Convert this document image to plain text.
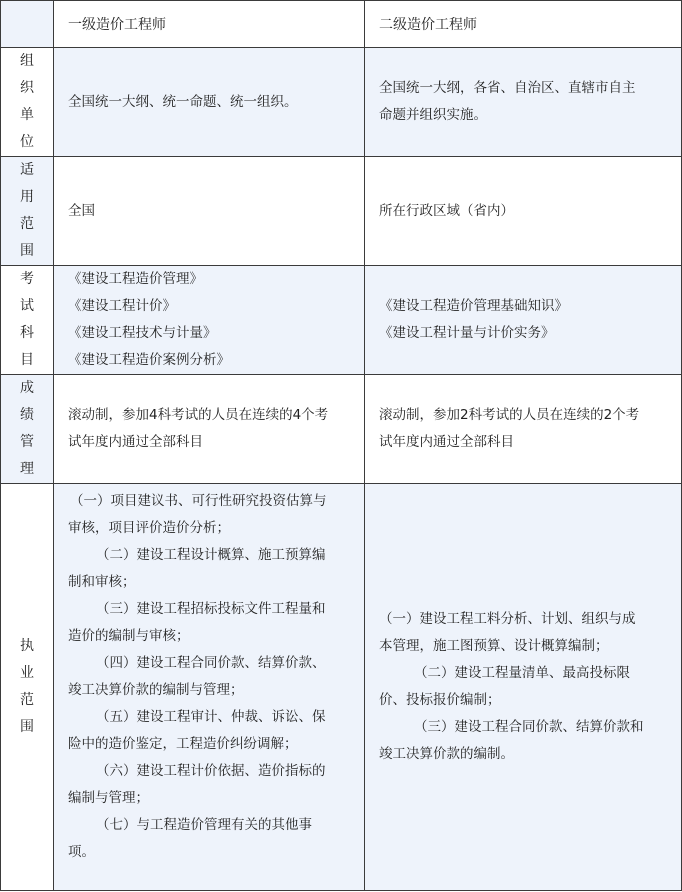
一级造价工程师	二级造价工程师
组织单位
全国统一大纲、统一命题、统一组织。
全国统一大纲，各省、自治区、直辖市自主
命题并组织实施。
适用范围
全国	所在行政区域（省内）
考试科目
《建设工程造价管理》
《建设工程计价》
《建设工程技术与计量》
《建设工程造价案例分析》
《建设工程造价管理基础知识》
《建设工程计量与计价实务》
成绩管理
滚动制，参加4科考试的人员在连续的4个考
试年度内通过全部科目
滚动制，参加2科考试的人员在连续的2个考
试年度内通过全部科目
执业范围
（一）项目建议书、可行性研究投资估算与
审核，项目评价造价分析；
（二）建设工程设计概算、施工预算编
制和审核；
（三）建设工程招标投标文件工程量和
造价的编制与审核；
（四）建设工程合同价款、结算价款、
竣工决算价款的编制与管理；
（五）建设工程审计、仲裁、诉讼、保
险中的造价鉴定，工程造价纠纷调解；
（六）建设工程计价依据、造价指标的
编制与管理；
（七）与工程造价管理有关的其他事
项。
（一）建设工程工料分析、计划、组织与成
本管理，施工图预算、设计概算编制；
（二）建设工程量清单、最高投标限
价、投标报价编制；
（三）建设工程合同价款、结算价款和
竣工决算价款的编制。
